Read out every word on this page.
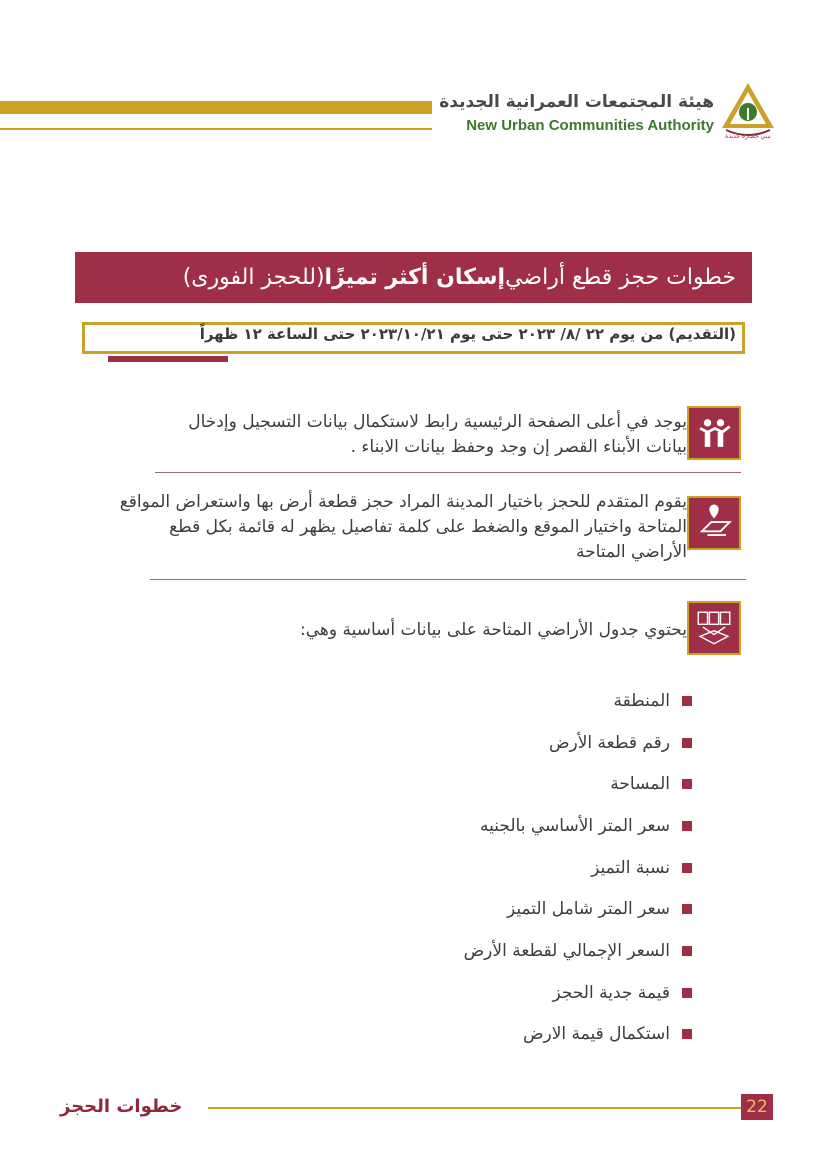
هيئة المجتمعات العمرانية الجديدة
New Urban Communities Authority
نبني حضارة جديدة
خطوات حجز قطع أراضي
إسكان أكثر تميزًا
(للحجز الفورى)
(التقديم) من يوم ٢٢ /٨/ ٢٠٢٣ حتى يوم ٢٠٢٣/١٠/٢١ حتى الساعة ١٢ ظهراً
يوجد في أعلى الصفحة الرئيسية رابط لاستكمال بيانات التسجيل وإدخال بيانات الأبناء القصر إن وجد وحفظ بيانات الابناء .
يقوم المتقدم للحجز باختيار المدينة المراد حجز قطعة أرض بها واستعراض المواقع المتاحة واختيار الموقع والضغط على كلمة تفاصيل يظهر له قائمة بكل قطع الأراضي المتاحة
يحتوي جدول الأراضي المتاحة على بيانات أساسية وهي:
المنطقة
رقم قطعة الأرض
المساحة
سعر المتر الأساسي بالجنيه
نسبة التميز
سعر المتر شامل التميز
السعر الإجمالي لقطعة الأرض
قيمة جدية الحجز
استكمال قيمة الارض
خطوات الحجز	22
